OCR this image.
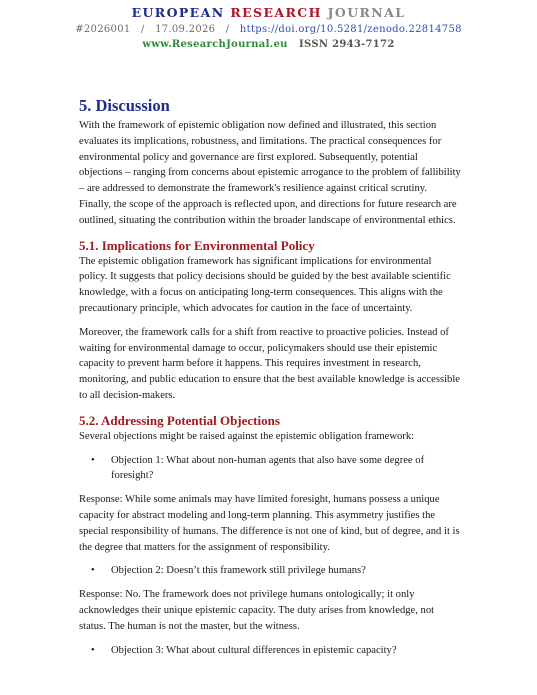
EUROPEAN RESEARCH JOURNAL
#2026001 / 17.09.2026 / https://doi.org/10.5281/zenodo.22814758
www.ResearchJournal.eu ISSN 2943-7172
5. Discussion

With the framework of epistemic obligation now defined and illustrated, this section evaluates its implications, robustness, and limitations. The practical consequences for environmental policy and governance are first explored. Subsequently, potential objections – ranging from concerns about epistemic arrogance to the problem of fallibility – are addressed to demonstrate the framework's resilience against critical scrutiny. Finally, the scope of the approach is reflected upon, and directions for future research are outlined, situating the contribution within the broader landscape of environmental ethics.

5.1. Implications for Environmental Policy

The epistemic obligation framework has significant implications for environmental policy. It suggests that policy decisions should be guided by the best available scientific knowledge, with a focus on anticipating long-term consequences. This aligns with the precautionary principle, which advocates for caution in the face of uncertainty.

Moreover, the framework calls for a shift from reactive to proactive policies. Instead of waiting for environmental damage to occur, policymakers should use their epistemic capacity to prevent harm before it happens. This requires investment in research, monitoring, and public education to ensure that the best available knowledge is accessible to all decision-makers.

5.2. Addressing Potential Objections

Several objections might be raised against the epistemic obligation framework:

• Objection 1: What about non-human agents that also have some degree of foresight?

Response: While some animals may have limited foresight, humans possess a unique capacity for abstract modeling and long-term planning. This asymmetry justifies the special responsibility of humans. The difference is not one of kind, but of degree, and it is the degree that matters for the assignment of responsibility.

• Objection 2: Doesn’t this framework still privilege humans?

Response: No. The framework does not privilege humans ontologically; it only acknowledges their unique epistemic capacity. The duty arises from knowledge, not status. The human is not the master, but the witness.

• Objection 3: What about cultural differences in epistemic capacity?
